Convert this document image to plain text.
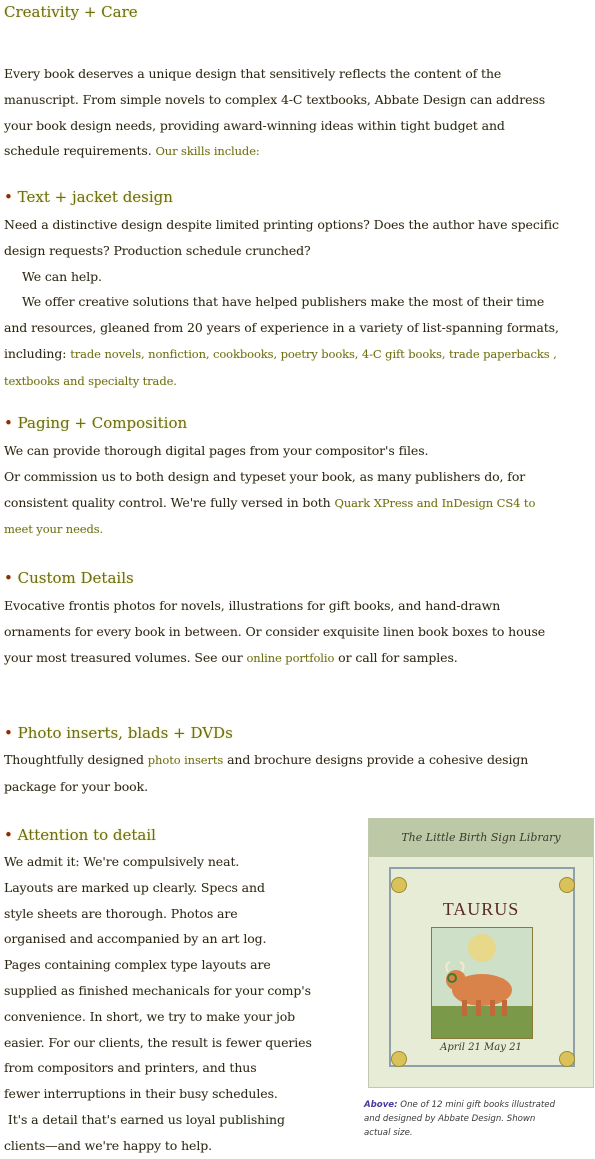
Creativity + Care
Every book deserves a unique design that sensitively reflects the content of the manuscript. From simple novels to complex 4-C textbooks, Abbate Design can address your book design needs, providing award-winning ideas within tight budget and schedule requirements. Our skills include:
• Text + jacket design
Need a distinctive design despite limited printing options? Does the author have specific design requests? Production schedule crunched?
We can help.
We offer creative solutions that have helped publishers make the most of their time and resources, gleaned from 20 years of experience in a variety of list-spanning formats, including: trade novels, nonfiction, cookbooks, poetry books, 4-C gift books, trade paperbacks , textbooks and specialty trade.
• Paging + Composition
We can provide thorough digital pages from your compositor's files.
Or commission us to both design and typeset your book, as many publishers do, for consistent quality control. We're fully versed in both Quark XPress and InDesign CS4 to meet your needs.
• Custom Details
Evocative frontis photos for novels, illustrations for gift books, and hand-drawn ornaments for every book in between. Or consider exquisite linen book boxes to house your most treasured volumes. See our online portfolio or call for samples.
• Photo inserts, blads + DVDs
Thoughtfully designed photo inserts and brochure designs provide a cohesive design package for your book.
• Attention to detail
We admit it: We're compulsively neat.
Layouts are marked up clearly. Specs and
style sheets are thorough. Photos are
organised and accompanied by an art log.
Pages containing complex type layouts are
supplied as finished mechanicals for your comp's
convenience. In short, we try to make your job
easier. For our clients, the result is fewer queries
from compositors and printers, and thus
fewer interruptions in their busy schedules.
It's a detail that's earned us loyal publishing
clients—and we're happy to help.
The Little Birth Sign Library
TAURUS
April 21 May 21
Above: One of 12 mini gift books illustrated and designed by Abbate Design. Shown actual size.
